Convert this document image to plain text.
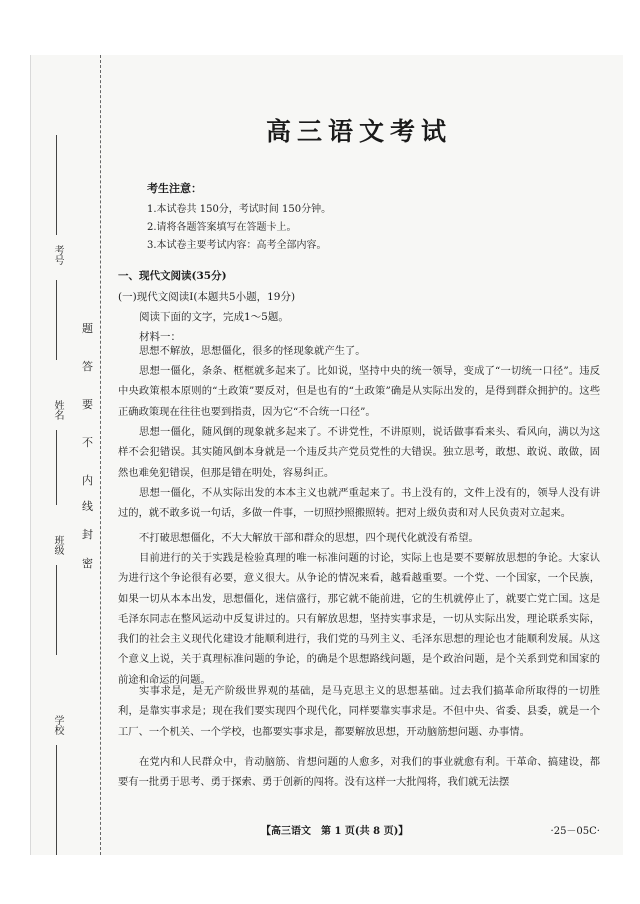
考号
姓名
班级
学校
题
答
要
不
内
线
封
密
高三语文考试
考生注意：
1.本试卷共 150分，考试时间 150分钟。
2.请将各题答案填写在答题卡上。
3.本试卷主要考试内容：高考全部内容。
一、现代文阅读(35分)
(一)现代文阅读Ⅰ(本题共5小题，19分)
阅读下面的文字，完成1～5题。
材料一：

思想不解放，思想僵化，很多的怪现象就产生了。

思想一僵化，条条、框框就多起来了。比如说，坚持中央的统一领导，变成了“一切统一口径”。违反中央政策根本原则的“土政策”要反对，但是也有的“土政策”确是从实际出发的，是得到群众拥护的。这些正确政策现在往往也要到指责，因为它“不合统一口径”。

思想一僵化，随风倒的现象就多起来了。不讲党性，不讲原则，说话做事看来头、看风向，满以为这样不会犯错误。其实随风倒本身就是一个违反共产党员党性的大错误。独立思考，敢想、敢说、敢做，固然也难免犯错误，但那是错在明处，容易纠正。

思想一僵化，不从实际出发的本本主义也就严重起来了。书上没有的，文件上没有的，领导人没有讲过的，就不敢多说一句话，多做一件事，一切照抄照搬照转。把对上级负责和对人民负责对立起来。

不打破思想僵化，不大大解放干部和群众的思想，四个现代化就没有希望。

目前进行的关于实践是检验真理的唯一标准问题的讨论，实际上也是要不要解放思想的争论。大家认为进行这个争论很有必要，意义很大。从争论的情况来看，越看越重要。一个党、一个国家，一个民族，如果一切从本本出发，思想僵化，迷信盛行，那它就不能前进，它的生机就停止了，就要亡党亡国。这是毛泽东同志在整风运动中反复讲过的。只有解放思想，坚持实事求是，一切从实际出发，理论联系实际，我们的社会主义现代化建设才能顺利进行，我们党的马列主义、毛泽东思想的理论也才能顺利发展。从这个意义上说，关于真理标准问题的争论，的确是个思想路线问题，是个政治问题，是个关系到党和国家的前途和命运的问题。

实事求是，是无产阶级世界观的基础，是马克思主义的思想基础。过去我们搞革命所取得的一切胜利，是靠实事求是；现在我们要实现四个现代化，同样要靠实事求是。不但中央、省委、县委，就是一个工厂、一个机关、一个学校，也都要实事求是，都要解放思想，开动脑筋想问题、办事情。

在党内和人民群众中，肯动脑筋、肯想问题的人愈多，对我们的事业就愈有利。干革命、搞建设，都要有一批勇于思考、勇于探索、勇于创新的闯将。没有这样一大批闯将，我们就无法摆

【高三语文　第 1 页(共 8 页)】	·25－05C·
